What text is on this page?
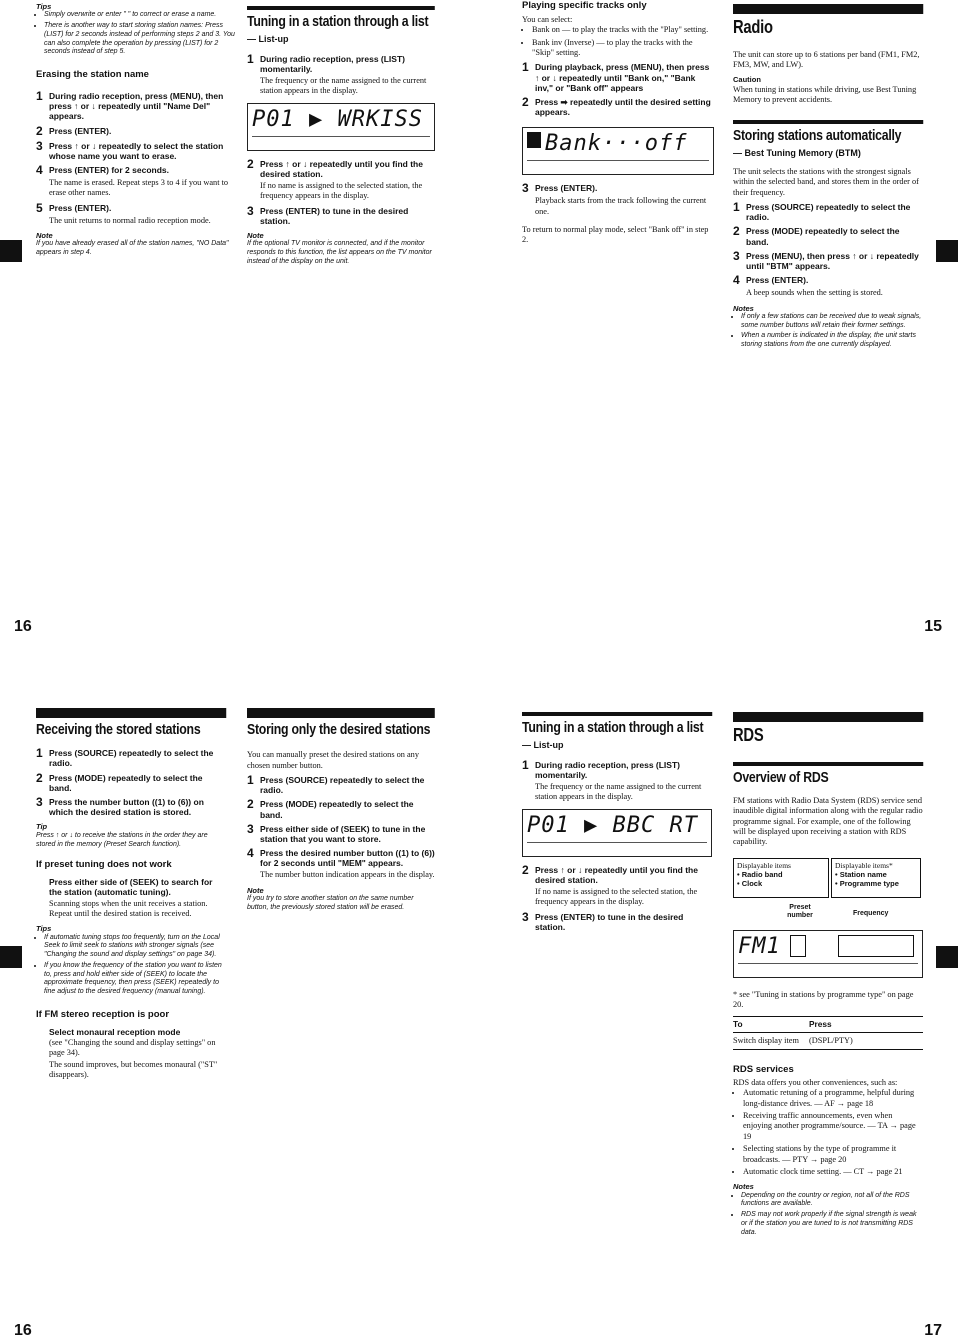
Tips
• Simply overwrite or enter " " to correct or erase a name.
• There is another way to start storing station names: Press (LIST) for 2 seconds instead of performing steps 2 and 3. You can also complete the operation by pressing (LIST) for 2 seconds instead of step 5.
Erasing the station name
1 During radio reception, press (MENU), then press ↑ or ↓ repeatedly until "Name Del" appears.
2 Press (ENTER).
3 Press ↑ or ↓ repeatedly to select the station whose name you want to erase.
4 Press (ENTER) for 2 seconds.
The name is erased. Repeat steps 3 to 4 if you want to erase other names.
5 Press (ENTER).
The unit returns to normal radio reception mode.
Note
If you have already erased all of the station names, "NO Data" appears in step 4.
Tuning in a station through a list
— List-up
1 During radio reception, press (LIST) momentarily.
The frequency or the name assigned to the current station appears in the display.
P01 ▶ WRKISS
2 Press ↑ or ↓ repeatedly until you find the desired station.
If no name is assigned to the selected station, the frequency appears in the display.
3 Press (ENTER) to tune in the desired station.
Note
If the optional TV monitor is connected, and if the monitor responds to this function, the list appears on the TV monitor instead of the display on the unit.
Playing specific tracks only
You can select:
• Bank on — to play the tracks with the "Play" setting.
• Bank inv (Inverse) — to play the tracks with the "Skip" setting.
1 During playback, press (MENU), then press ↑ or ↓ repeatedly until "Bank on," "Bank inv," or "Bank off" appears
2 Press ➡ repeatedly until the desired setting appears.
Bank···off
3 Press (ENTER).
Playback starts from the track following the current one.
To return to normal play mode, select "Bank off" in step 2.
Radio
The unit can store up to 6 stations per band (FM1, FM2, FM3, MW, and LW).
Caution
When tuning in stations while driving, use Best Tuning Memory to prevent accidents.
Storing stations automatically
— Best Tuning Memory (BTM)
The unit selects the stations with the strongest signals within the selected band, and stores them in the order of their frequency.
1 Press (SOURCE) repeatedly to select the radio.
2 Press (MODE) repeatedly to select the band.
3 Press (MENU), then press ↑ or ↓ repeatedly until "BTM" appears.
4 Press (ENTER).
A beep sounds when the setting is stored.
Notes
• If only a few stations can be received due to weak signals, some number buttons will retain their former settings.
• When a number is indicated in the display, the unit starts storing stations from the one currently displayed.
16	15
Receiving the stored stations
1 Press (SOURCE) repeatedly to select the radio.
2 Press (MODE) repeatedly to select the band.
3 Press the number button ((1) to (6)) on which the desired station is stored.
Tip
Press ↑ or ↓ to receive the stations in the order they are stored in the memory (Preset Search function).
If preset tuning does not work
Press either side of (SEEK) to search for the station (automatic tuning).
Scanning stops when the unit receives a station. Repeat until the desired station is received.
Tips
• If automatic tuning stops too frequently, turn on the Local Seek to limit seek to stations with stronger signals (see "Changing the sound and display settings" on page 34).
• If you know the frequency of the station you want to listen to, press and hold either side of (SEEK) to locate the approximate frequency, then press (SEEK) repeatedly to fine adjust to the desired frequency (manual tuning).
If FM stereo reception is poor
Select monaural reception mode
(see "Changing the sound and display settings" on page 34).
The sound improves, but becomes monaural ("ST" disappears).
Storing only the desired stations
You can manually preset the desired stations on any chosen number button.
1 Press (SOURCE) repeatedly to select the radio.
2 Press (MODE) repeatedly to select the band.
3 Press either side of (SEEK) to tune in the station that you want to store.
4 Press the desired number button ((1) to (6)) for 2 seconds until "MEM" appears.
The number button indication appears in the display.
Note
If you try to store another station on the same number button, the previously stored station will be erased.
Tuning in a station through a list
— List-up
1 During radio reception, press (LIST) momentarily.
The frequency or the name assigned to the current station appears in the display.
P01 ▶ BBC RT
2 Press ↑ or ↓ repeatedly until you find the desired station.
If no name is assigned to the selected station, the frequency appears in the display.
3 Press (ENTER) to tune in the desired station.
RDS
Overview of RDS
FM stations with Radio Data System (RDS) service send inaudible digital information along with the regular radio programme signal. For example, one of the following will be displayed upon receiving a station with RDS capability.
Displayable items
• Radio band
• Clock
Displayable items*
• Station name
• Programme type
Preset number	Frequency
FM1
* see "Tuning in stations by programme type" on page 20.
To	Press
Switch display item	(DSPL/PTY)
RDS services
RDS data offers you other conveniences, such as:
• Automatic retuning of a programme, helpful during long-distance drives. — AF → page 18
• Receiving traffic announcements, even when enjoying another programme/source. — TA → page 19
• Selecting stations by the type of programme it broadcasts. — PTY → page 20
• Automatic clock time setting. — CT → page 21
Notes
• Depending on the country or region, not all of the RDS functions are available.
• RDS may not work properly if the signal strength is weak or if the station you are tuned to is not transmitting RDS data.
16	17
